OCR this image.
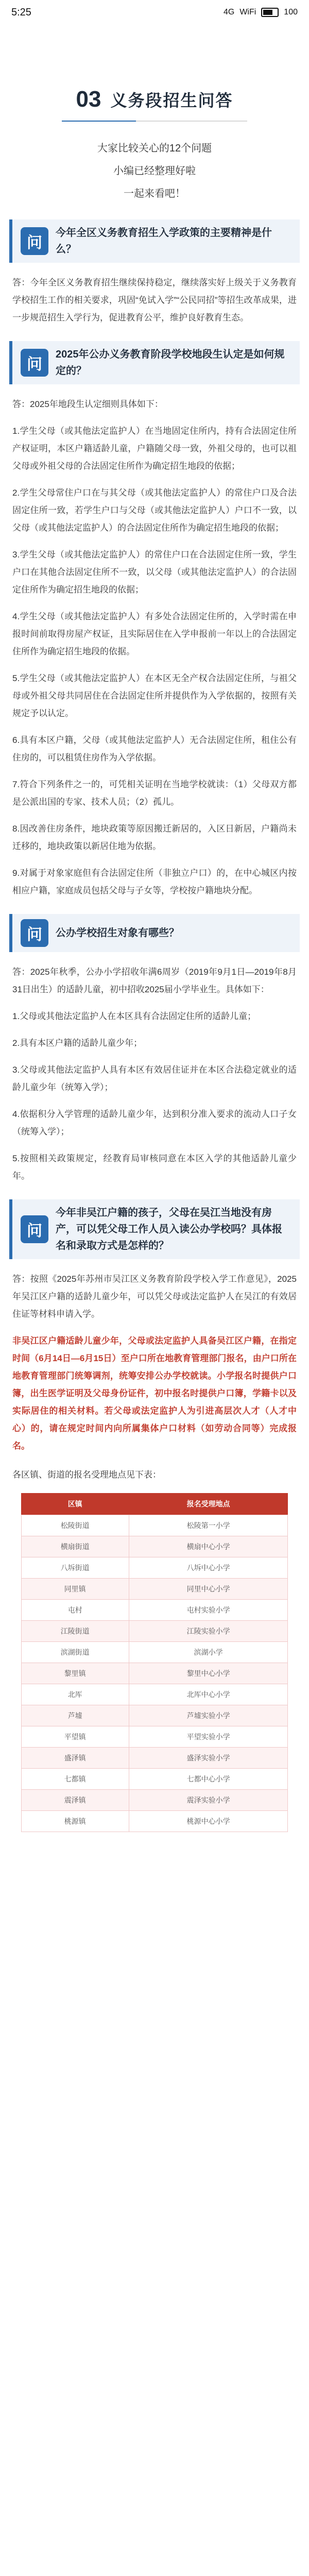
5:25	4G WiFi	100
03 义务段招生问答
大家比较关心的12个问题
小编已经整理好啦
一起来看吧！
问
今年全区义务教育招生入学政策的主要精神是什么？
答：今年全区义务教育招生继续保持稳定，继续落实好上级关于义务教育学校招生工作的相关要求，巩固“免试入学”“公民同招”等招生改革成果，进一步规范招生入学行为，促进教育公平，维护良好教育生态。
问
2025年公办义务教育阶段学校地段生认定是如何规定的？
答：2025年地段生认定细则具体如下：
1.学生父母（或其他法定监护人）在当地固定住所内，持有合法固定住所产权证明，本区户籍适龄儿童，户籍随父母一致，外祖父母的，也可以祖父母或外祖父母的合法固定住所作为确定招生地段的依据；
2.学生父母常住户口在与其父母（或其他法定监护人）的常住户口及合法固定住所一致，若学生户口与父母（或其他法定监护人）户口不一致，以父母（或其他法定监护人）的合法固定住所作为确定招生地段的依据；
3.学生父母（或其他法定监护人）的常住户口在合法固定住所一致，学生户口在其他合法固定住所不一致，以父母（或其他法定监护人）的合法固定住所作为确定招生地段的依据；
4.学生父母（或其他法定监护人）有多处合法固定住所的，入学时需在申报时间前取得房屋产权证，且实际居住在入学申报前一年以上的合法固定住所作为确定招生地段的依据。
5.学生父母（或其他法定监护人）在本区无全产权合法固定住所，与祖父母或外祖父母共同居住在合法固定住所并提供作为入学依据的，按照有关规定予以认定。
6.具有本区户籍，父母（或其他法定监护人）无合法固定住所，租住公有住房的，可以租赁住房作为入学依据。
7.符合下列条件之一的，可凭相关证明在当地学校就读：（1）父母双方都是公派出国的专家、技术人员；（2）孤儿。
8.因改善住房条件，地块政策等原因搬迁新居的，入区日新居，户籍尚未迁移的，地块政策以新居住地为依据。
9.对属于对象家庭但有合法固定住所（非独立户口）的，在中心城区内按相应户籍，家庭成员包括父母与子女等，学校按户籍地块分配。
问	公办学校招生对象有哪些？
答：2025年秋季，公办小学招收年满6周岁（2019年9月1日—2019年8月31日出生）的适龄儿童，初中招收2025届小学毕业生。具体如下：
1.父母或其他法定监护人在本区具有合法固定住所的适龄儿童；
2.具有本区户籍的适龄儿童少年；
3.父母或其他法定监护人具有本区有效居住证并在本区合法稳定就业的适龄儿童少年（统筹入学）；
4.依据积分入学管理的适龄儿童少年，达到积分准入要求的流动人口子女（统筹入学）；
5.按照相关政策规定，经教育局审核同意在本区入学的其他适龄儿童少年。
问
今年非吴江户籍的孩子，父母在吴江当地没有房产，可以凭父母工作人员入读公办学校吗？具体报名和录取方式是怎样的？
答：按照《2025年苏州市吴江区义务教育阶段学校入学工作意见》，2025年吴江区户籍的适龄儿童少年，可以凭父母或法定监护人在吴江的有效居住证等材料申请入学。
非吴江区户籍适龄儿童少年，父母或法定监护人具备吴江区户籍，在指定时间（6月14日—6月15日）至户口所在地教育管理部门报名，由户口所在地教育管理部门统筹调剂，统筹安排公办学校就读。小学报名时提供户口簿，出生医学证明及父母身份证件，初中报名时提供户口簿，学籍卡以及实际居住的相关材料。若父母或法定监护人为引进高层次人才（人才中心）的，请在规定时间内向所属集体户口材料（如劳动合同等）完成报名。
各区镇、街道的报名受理地点见下表：
区镇	报名受理地点
松陵街道	松陵第一小学
横扇街道	横扇中心小学
八坼街道	八坼中心小学
同里镇	同里中心小学
屯村	屯村实验小学
江陵街道	江陵实验小学
滨湖街道	滨湖小学
黎里镇	黎里中心小学
北厍	北厍中心小学
芦墟	芦墟实验小学
平望镇	平望实验小学
盛泽镇	盛泽实验小学
七都镇	七都中心小学
震泽镇	震泽实验小学
桃源镇	桃源中心小学
